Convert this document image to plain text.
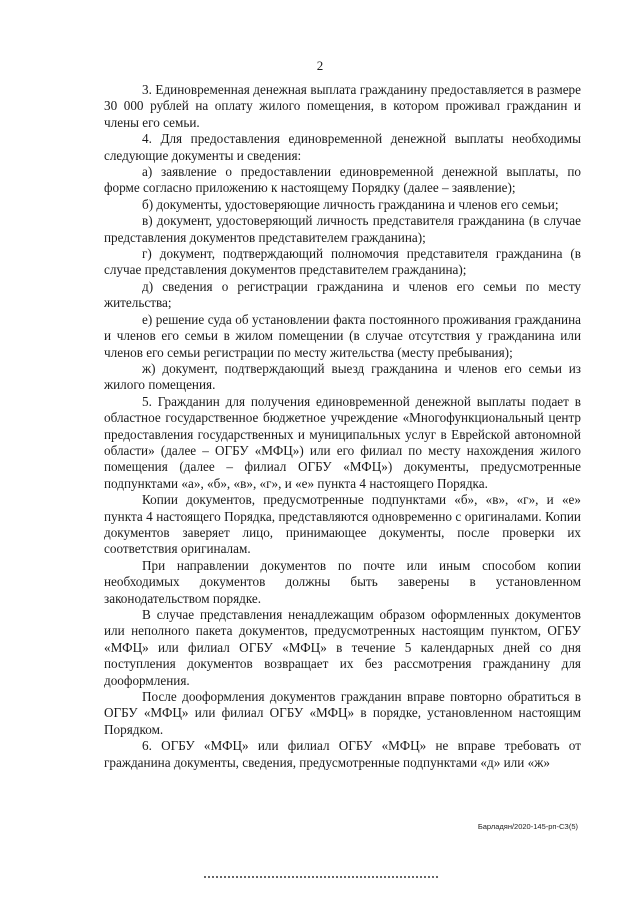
2

3. Единовременная денежная выплата гражданину предоставляется в размере 30 000 рублей на оплату жилого помещения, в котором проживал гражданин и члены его семьи.

4. Для предоставления единовременной денежной выплаты необходимы следующие документы и сведения:

а) заявление о предоставлении единовременной денежной выплаты, по форме согласно приложению к настоящему Порядку (далее – заявление);

б) документы, удостоверяющие личность гражданина и членов его семьи;

в) документ, удостоверяющий личность представителя гражданина (в случае представления документов представителем гражданина);

г) документ, подтверждающий полномочия представителя гражданина (в случае представления документов представителем гражданина);

д) сведения о регистрации гражданина и членов его семьи по месту жительства;

е) решение суда об установлении факта постоянного проживания гражданина и членов его семьи в жилом помещении (в случае отсутствия у гражданина или членов его семьи регистрации по месту жительства (месту пребывания);

ж) документ, подтверждающий выезд гражданина и членов его семьи из жилого помещения.

5. Гражданин для получения единовременной денежной выплаты подает в областное государственное бюджетное учреждение «Многофункциональный центр предоставления государственных и муниципальных услуг в Еврейской автономной области» (далее – ОГБУ «МФЦ») или его филиал по месту нахождения жилого помещения (далее – филиал ОГБУ «МФЦ») документы, предусмотренные подпунктами «а», «б», «в», «г», и «е» пункта 4 настоящего Порядка.

Копии документов, предусмотренные подпунктами «б», «в», «г», и «е» пункта 4 настоящего Порядка, представляются одновременно с оригиналами. Копии документов заверяет лицо, принимающее документы, после проверки их соответствия оригиналам.

При направлении документов по почте или иным способом копии необходимых документов должны быть заверены в установленном законодательством порядке.

В случае представления ненадлежащим образом оформленных документов или неполного пакета документов, предусмотренных настоящим пунктом, ОГБУ «МФЦ» или филиал ОГБУ «МФЦ» в течение 5 календарных дней со дня поступления документов возвращает их без рассмотрения гражданину для дооформления.

После дооформления документов гражданин вправе повторно обратиться в ОГБУ «МФЦ» или филиал ОГБУ «МФЦ» в порядке, установленном настоящим Порядком.

6. ОГБУ «МФЦ» или филиал ОГБУ «МФЦ» не вправе требовать от гражданина документы, сведения, предусмотренные подпунктами «д» или «ж»

Барладян/2020-145-рп-СЗ(5)
